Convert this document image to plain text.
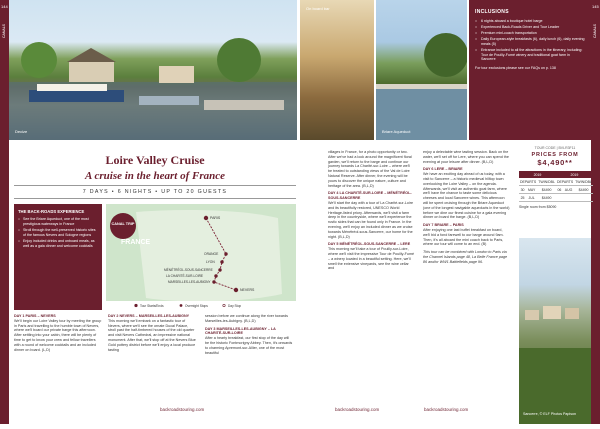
144
CANALS
145
CANALS
Decize
On board bar
Briare Aqueduct
INCLUSIONS
○ 6 nights aboard a boutique hotel barge
○ Experienced Back-Roads Driver and Tour Leader
○ Premium mini-coach transportation
○ Daily European-style breakfasts (6), daily lunch (6), daily evening meals (5)
○ Entrance included to all the attractions in the itinerary, including: Tour de Pouilly-Fumé winery and traditional goat farm in Sancerre
For tour exclusions please see our FAQs on p. 138
Loire Valley Cruise
A cruise in the heart of France
7 DAYS • 6 NIGHTS • UP TO 20 GUESTS
THE BACK-ROADS EXPERIENCE
○ See the Briare Aqueduct, one of the most prestigious waterways in France
○ Stroll through the well-preserved historic sites of the famous Nevers and Sologne regions
○ Enjoy included drinks and onboard meals, as well as a gala dinner and welcome cocktails
CANAL TRIP
FRANCE
PARIS
ORANGE
LYON
MÉNÉTRÉOL-SOUS-SANCERRE
LA CHARITÉ-SUR-LOIRE
MARSEILLES-LES-AUBIGNY
NEVERS
Tour Starts/Ends	Overnight Stops	Day Stop

DAY 1 PARIS – NEVERS
We'll begin our Loire Valley tour by meeting the group in Paris and travelling to the humble town of Nevers, where we'll board our private barge this afternoon. After settling into your cabin, there will be plenty of time to get to know your crew and fellow travellers with a round of welcome cocktails and an included dinner on board. (L,D)

DAY 2 NEVERS – MARSEILLES-LES-AUBIGNY
This morning we'll embark on a fantastic tour of Nevers, where we'll see the ornate Ducal Palace, stroll past the half-timbered houses of the old quarter and visit Nevers Cathedral, an impressive national monument. After that, we'll stop off at the Nevers Blue Gold pottery district before we'll enjoy a local produce tasting

session before we continue along the river towards Marseilles-les-Aubigny. (B,L,D)

DAY 3 MARSEILLES-LES-AUBIGNY – LA CHARITÉ-SUR-LOIRE
After a hearty breakfast, our first stop of the day will be the historic Fontmorigny Abbey. Then, it's onwards to charming Apremont-sur-Allier, one of the most beautiful

backroadstouring.com	backroadstouring.com	backroadstouring.com

villages in France, for a photo opportunity or two. After we've had a look around the magnificent floral garden, we'll return to the barge and continue our journey towards La Charité-sur-Loire – where we'll be treated to outstanding views of the Val de Loire Natural Reserve. After dinner, the evening will be yours to discover the unique nature, culture and heritage of the area. (B,L,D)

DAY 4 LA CHARITÉ-SUR-LOIRE – MÉNÉTRÉOL-SOUS-SANCERRE
We'll start the day with a tour of La Charité-sur-Loire and its beautifully restored, UNESCO World Heritage-listed priory. Afterwards, we'll visit a farm deep in the countryside, where we'll experience the rustic sides that can be found only in France. In the evening, we'll enjoy an included dinner as we cruise towards Ménétréol-sous-Sancerre, our home for the night. (B,L,D)

DAY 5 MÉNÉTRÉOL-SOUS-SANCERRE – LERE
This morning we'll take a tour of Pouilly-sur-Loire, where we'll visit the impressive Tour de Pouilly-Fumé – a winery located in a beautiful setting. Here, we'll smell the extensive vineyards, see the wine cellar and

enjoy a delectable wine tasting session. Back on the water, we'll set off for Lere, where you can spend the evening at your leisure after dinner. (B,L,D)

DAY 6 LERE – BRIARE
We have an exciting day ahead of us today, with a visit to Sancerre – a historic medieval hilltop town overlooking the Loire Valley – on the agenda. Afterwards, we'll visit an authentic goat farm, where we'll have the chance to taste some delicious cheeses and local Sancerre wines. This afternoon will be spent cruising through the Briare Aqueduct (one of the longest navigable aqueducts in the world) before we dine our finest cuisine for a gala evening dinner on board the barge. (B,L,D)

DAY 7 BRIARE – PARIS
After enjoying one last buffet breakfast on board, we'll bid a fond farewell to our barge around 9am. Then, it's all aboard the mini coach back to Paris, where our tour will come to an end. (B)

This tour can be combined with London to Paris via the Channel Islands page 48, La Belle France page 86 and/or WW1 Battlefields page 96.

TOUR CODE | BVLR3F11
PRICES FROM
$4,490**
2019			2019		
DEPARTS		TWIN/DBL	DEPARTS		TWIN/DBL
30	MAY	$4490	06	AUG	$4490
25	JUL	$4490			
Single room from $5090
Sancerre, © ELF Photos Papison
